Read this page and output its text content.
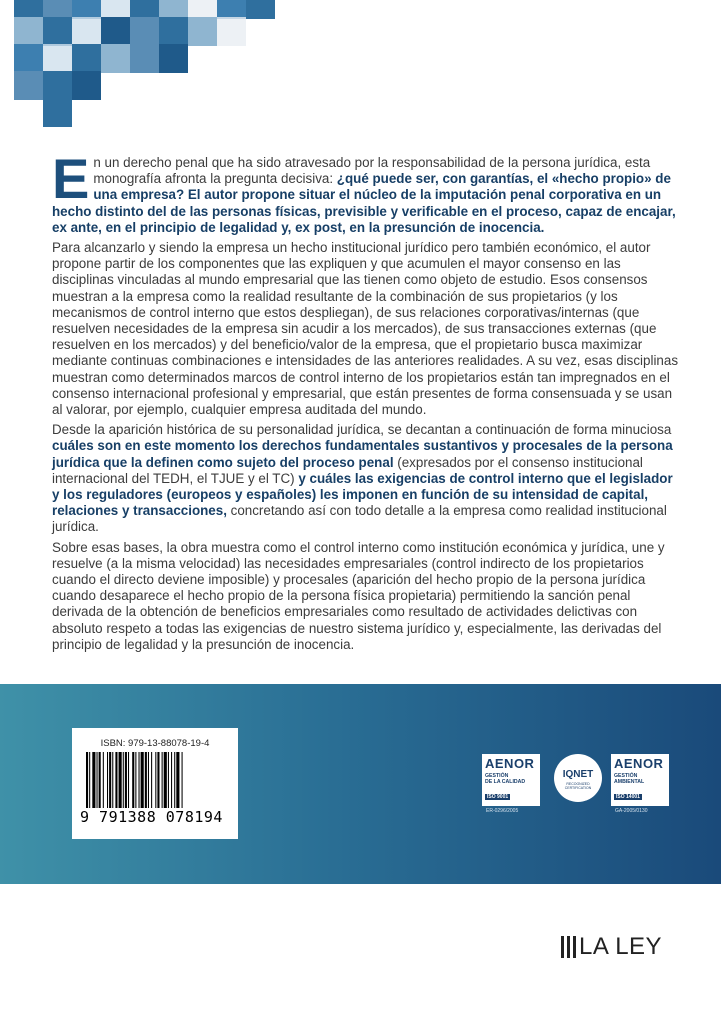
En un derecho penal que ha sido atravesado por la responsabilidad de la persona jurídica, esta monografía afronta la pregunta decisiva: ¿qué puede ser, con garantías, el «hecho propio» de una empresa? El autor propone situar el núcleo de la imputación penal corporativa en un hecho distinto del de las personas físicas, previsible y verificable en el proceso, capaz de encajar, ex ante, en el principio de legalidad y, ex post, en la presunción de inocencia.

Para alcanzarlo y siendo la empresa un hecho institucional jurídico pero también económico, el autor propone partir de los componentes que las expliquen y que acumulen el mayor consenso en las disciplinas vinculadas al mundo empresarial que las tienen como objeto de estudio. Esos consensos muestran a la empresa como la realidad resultante de la combinación de sus propietarios (y los mecanismos de control interno que estos despliegan), de sus relaciones corporativas/internas (que resuelven necesidades de la empresa sin acudir a los mercados), de sus transacciones externas (que resuelven en los mercados) y del beneficio/valor de la empresa, que el propietario busca maximizar mediante continuas combinaciones e intensidades de las anteriores realidades. A su vez, esas disciplinas muestran como determinados marcos de control interno de los propietarios están tan impregnados en el consenso internacional profesional y empresarial, que están presentes de forma consensuada y se usan al valorar, por ejemplo, cualquier empresa auditada del mundo.

Desde la aparición histórica de su personalidad jurídica, se decantan a continuación de forma minuciosa cuáles son en este momento los derechos fundamentales sustantivos y procesales de la persona jurídica que la definen como sujeto del proceso penal (expresados por el consenso institucional internacional del TEDH, el TJUE y el TC) y cuáles las exigencias de control interno que el legislador y los reguladores (europeos y españoles) les imponen en función de su intensidad de capital, relaciones y transacciones, concretando así con todo detalle a la empresa como realidad institucional jurídica.

Sobre esas bases, la obra muestra como el control interno como institución económica y jurídica, une y resuelve (a la misma velocidad) las necesidades empresariales (control indirecto de los propietarios cuando el directo deviene imposible) y procesales (aparición del hecho propio de la persona jurídica cuando desaparece el hecho propio de la persona física propietaria) permitiendo la sanción penal derivada de la obtención de beneficios empresariales como resultado de actividades delictivas con absoluto respeto a todas las exigencias de nuestro sistema jurídico y, especialmente, las derivadas del principio de legalidad y la presunción de inocencia.

ISBN: 979-13-88078-19-4
9 791388 078194
AENOR
GESTIÓN
DE LA CALIDAD
ISO 9001
ER-0296/2005
IQNET
RECOGNIZED CERTIFICATION
AENOR
GESTIÓN
AMBIENTAL
ISO 14001
GA-2005/0130
LA LEY
